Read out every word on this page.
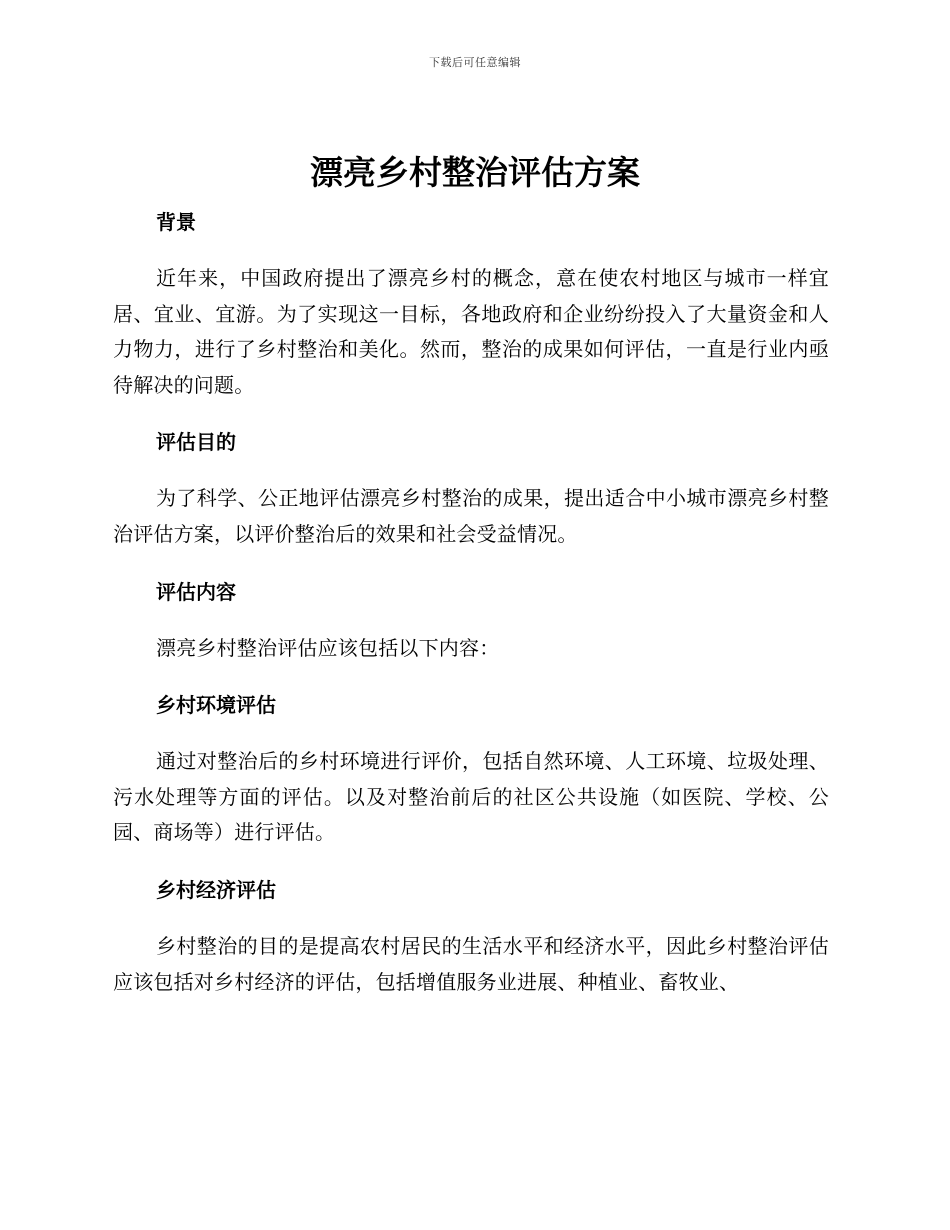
下载后可任意编辑
漂亮乡村整治评估方案
背景

近年来，中国政府提出了漂亮乡村的概念，意在使农村地区与城市一样宜居、宜业、宜游。为了实现这一目标，各地政府和企业纷纷投入了大量资金和人力物力，进行了乡村整治和美化。然而，整治的成果如何评估，一直是行业内亟待解决的问题。

评估目的

为了科学、公正地评估漂亮乡村整治的成果，提出适合中小城市漂亮乡村整治评估方案，以评价整治后的效果和社会受益情况。

评估内容

漂亮乡村整治评估应该包括以下内容：

乡村环境评估

通过对整治后的乡村环境进行评价，包括自然环境、人工环境、垃圾处理、污水处理等方面的评估。以及对整治前后的社区公共设施（如医院、学校、公园、商场等）进行评估。

乡村经济评估

乡村整治的目的是提高农村居民的生活水平和经济水平，因此乡村整治评估应该包括对乡村经济的评估，包括增值服务业进展、种植业、畜牧业、
